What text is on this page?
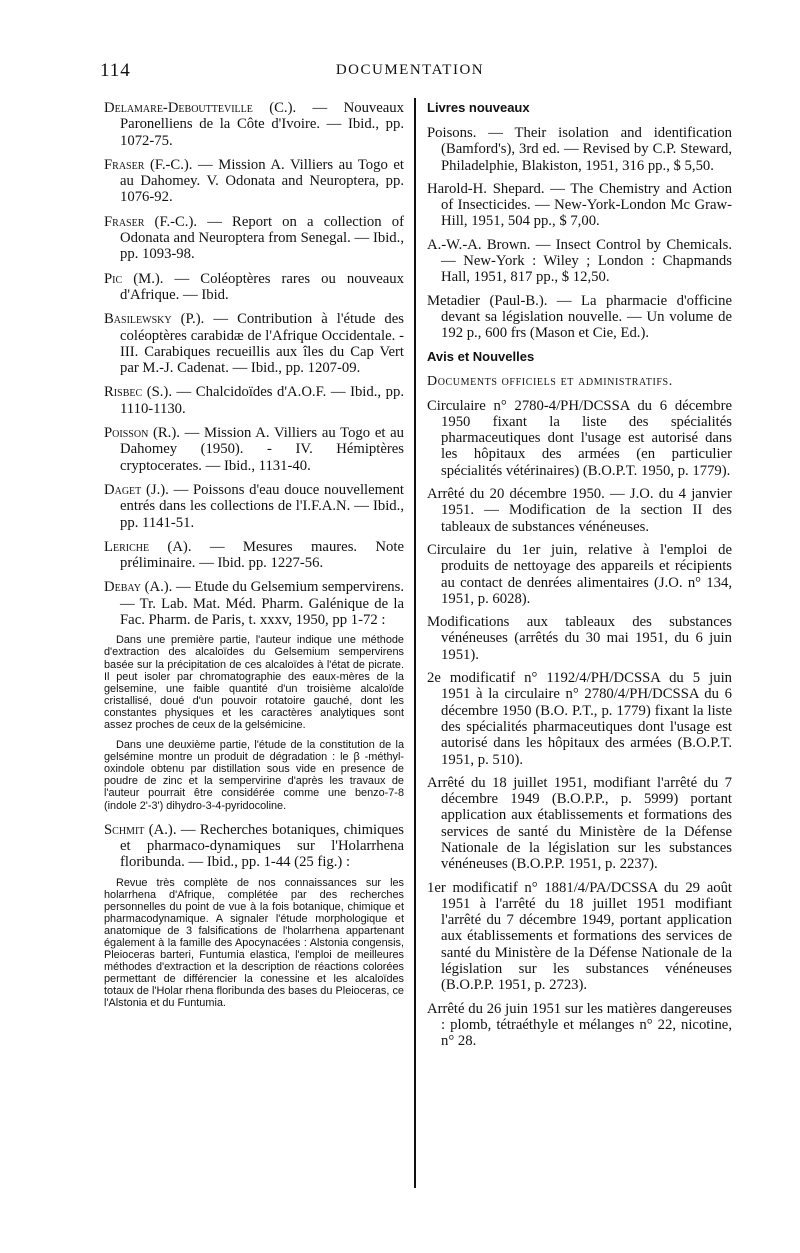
114	DOCUMENTATION

Delamare-Deboutteville (C.). — Nouveaux Paronelliens de la Côte d'Ivoire. — Ibid., pp. 1072-75.

Fraser (F.-C.). — Mission A. Villiers au Togo et au Dahomey. V. Odonata and Neuroptera, pp. 1076-92.

Fraser (F.-C.). — Report on a collection of Odonata and Neuroptera from Senegal. — Ibid., pp. 1093-98.

Pic (M.). — Coléoptères rares ou nouveaux d'Afrique. — Ibid.

Basilewsky (P.). — Contribution à l'étude des coléoptères carabidæ de l'Afrique Occidentale. - III. Carabiques recueillis aux îles du Cap Vert par M.-J. Cadenat. — Ibid., pp. 1207-09.

Risbec (S.). — Chalcidoïdes d'A.O.F. — Ibid., pp. 1110-1130.

Poisson (R.). — Mission A. Villiers au Togo et au Dahomey (1950). - IV. Hémiptères cryptocerates. — Ibid., 1131-40.

Daget (J.). — Poissons d'eau douce nouvellement entrés dans les collections de l'I.F.A.N. — Ibid., pp. 1141-51.

Leriche (A). — Mesures maures. Note préliminaire. — Ibid. pp. 1227-56.

Debay (A.). — Etude du Gelsemium sempervirens. — Tr. Lab. Mat. Méd. Pharm. Galénique de la Fac. Pharm. de Paris, t. xxxv, 1950, pp 1-72 :

Dans une première partie, l'auteur indique une méthode d'extraction des alcaloïdes du Gelsemium sempervirens basée sur la précipitation de ces alcaloïdes à l'état de picrate. Il peut isoler par chromatographie des eaux-mères de la gelsemine, une faible quantité d'un troisième alcaloïde cristallisé, doué d'un pouvoir rotatoire gauché, dont les constantes physiques et les caractères analytiques sont assez proches de ceux de la gelsémicine.

Dans une deuxième partie, l'étude de la constitution de la gelsémine montre un produit de dégradation : le β -méthyl-oxindole obtenu par distillation sous vide en presence de poudre de zinc et la sempervirine d'après les travaux de l'auteur pourrait être considérée comme une benzo-7-8 (indole 2'-3') dihydro-3-4-pyridocoline.

Schmit (A.). — Recherches botaniques, chimiques et pharmaco-dynamiques sur l'Holarrhena floribunda. — Ibid., pp. 1-44 (25 fig.) :

Revue très complète de nos connaissances sur les holarrhena d'Afrique, complétée par des recherches personnelles du point de vue à la fois botanique, chimique et pharmacodynamique. A signaler l'étude morphologique et anatomique de 3 falsifications de l'holarrhena appartenant également à la famille des Apocynacées : Alstonia congensis, Pleioceras barteri, Funtumia elastica, l'emploi de meilleures méthodes d'extraction et la description de réactions colorées permettant de différencier la conessine et les alcaloïdes totaux de l'Holar rhena floribunda des bases du Pleioceras, ce l'Alstonia et du Funtumia.

Livres nouveaux

Poisons. — Their isolation and identification (Bamford's), 3rd ed. — Revised by C.P. Steward, Philadelphie, Blakiston, 1951, 316 pp., $ 5,50.

Harold-H. Shepard. — The Chemistry and Action of Insecticides. — New-York-London Mc Graw-Hill, 1951, 504 pp., $ 7,00.

A.-W.-A. Brown. — Insect Control by Chemicals. — New-York : Wiley ; London : Chapmands Hall, 1951, 817 pp., $ 12,50.

Metadier (Paul-B.). — La pharmacie d'officine devant sa législation nouvelle. — Un volume de 192 p., 600 frs (Mason et Cie, Ed.).

Avis et Nouvelles
Documents officiels et administratifs.

Circulaire n° 2780-4/PH/DCSSA du 6 décembre 1950 fixant la liste des spécialités pharmaceutiques dont l'usage est autorisé dans les hôpitaux des armées (en particulier spécialités vétérinaires) (B.O.P.T. 1950, p. 1779).

Arrêté du 20 décembre 1950. — J.O. du 4 janvier 1951. — Modification de la section II des tableaux de substances vénéneuses.

Circulaire du 1er juin, relative à l'emploi de produits de nettoyage des appareils et récipients au contact de denrées alimentaires (J.O. n° 134, 1951, p. 6028).

Modifications aux tableaux des substances vénéneuses (arrêtés du 30 mai 1951, du 6 juin 1951).

2e modificatif n° 1192/4/PH/DCSSA du 5 juin 1951 à la circulaire n° 2780/4/PH/DCSSA du 6 décembre 1950 (B.O. P.T., p. 1779) fixant la liste des spécialités pharmaceutiques dont l'usage est autorisé dans les hôpitaux des armées (B.O.P.T. 1951, p. 510).

Arrêté du 18 juillet 1951, modifiant l'arrêté du 7 décembre 1949 (B.O.P.P., p. 5999) portant application aux établissements et formations des services de santé du Ministère de la Défense Nationale de la législation sur les substances vénéneuses (B.O.P.P. 1951, p. 2237).

1er modificatif n° 1881/4/PA/DCSSA du 29 août 1951 à l'arrêté du 18 juillet 1951 modifiant l'arrêté du 7 décembre 1949, portant application aux établissements et formations des services de santé du Ministère de la Défense Nationale de la législation sur les substances vénéneuses (B.O.P.P. 1951, p. 2723).

Arrêté du 26 juin 1951 sur les matières dangereuses : plomb, tétraéthyle et mélanges n° 22, nicotine, n° 28.
